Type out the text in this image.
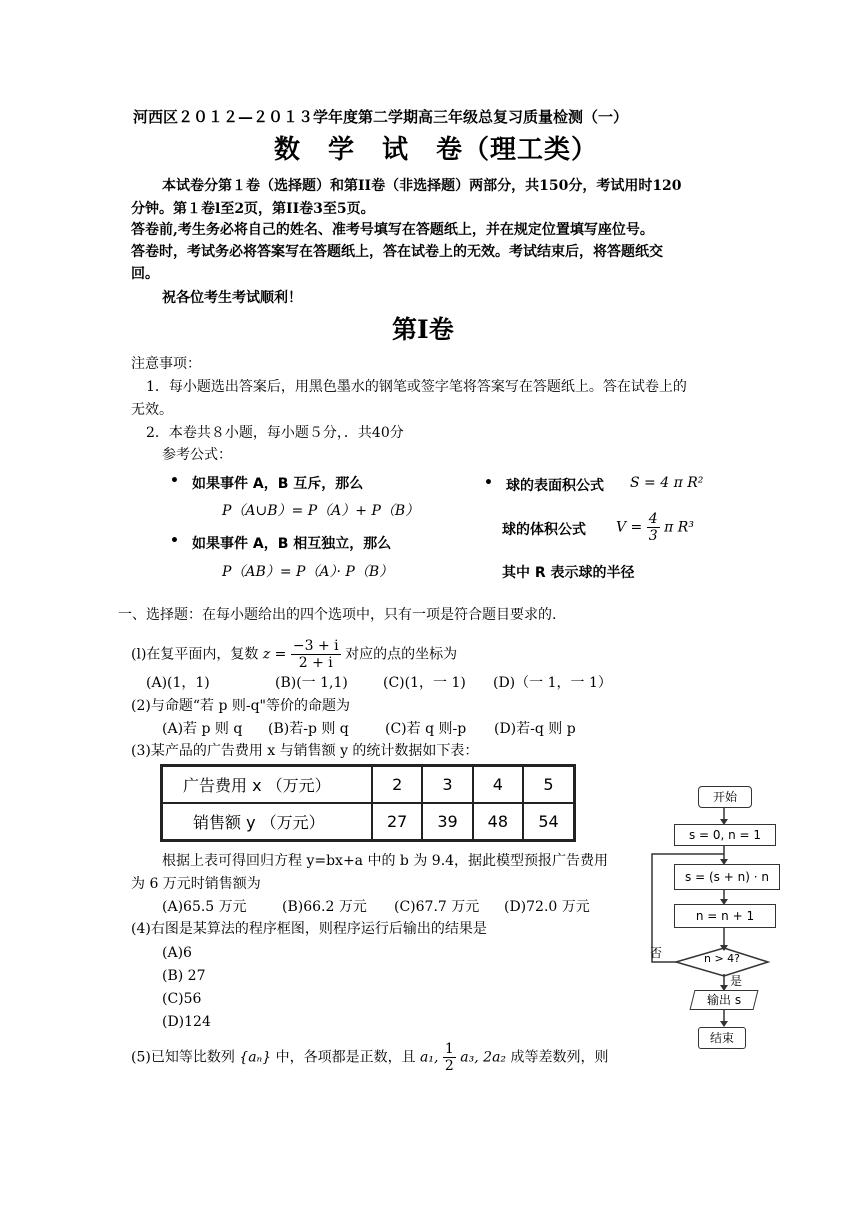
河西区２０１２—２０１３学年度第二学期高三年级总复习质量检测（一）
数　学　试　卷（理工类）
本试卷分第１卷（选择题）和第II卷（非选择题）两部分，共150分，考试用时120
分钟。第１卷l至2页，第II卷3至5页。
答卷前,考生务必将自己的姓名、准考号填写在答题纸上，并在规定位置填写座位号。
答卷时，考试务必将答案写在答题纸上，答在试卷上的无效。考试结束后，将答题纸交
回。
祝各位考生考试顺利！
第Ⅰ卷
注意事项：
1．每小题选出答案后，用黑色墨水的钢笔或签字笔将答案写在答题纸上。答在试卷上的
无效。
2．本卷共８小题，每小题５分，．共40分
参考公式：
• 如果事件 A，B 互斥，那么
P（A∪B）= P（A）+ P（B）
• 如果事件 A，B 相互独立，那么
P（AB）= P（A）· P（B）
• 球的表面积公式 S = 4 π R²
球的体积公式 $V = \frac{4}{3}$ π R³
其中 R 表示球的半径
一、选择题：在每小题给出的四个选项中，只有一项是符合题目要求的.
(l)在复平面内，复数 $z = \frac{-3 + i}{2 + i}$ 对应的点的坐标为
(A)(1，1)	(B)(一 1,1)	(C)(1，一 1) (D)（一 1，一 1）
(2)与命题“若 p 则-q"等价的命题为
(A)若 p 则 q (B)若-p 则 q	(C)若 q 则-p (D)若-q 则 p
(3)某产品的广告费用 x 与销售额 y 的统计数据如下表：
广告费用 x （万元）	2	3	4	5
销售额 y （万元）	27	39	48	54
根据上表可得回归方程 y=bx+a 中的 b 为 9.4，据此模型预报广告费用
为 6 万元时销售额为
(A)65.5 万元	(B)66.2 万元 (C)67.7 万元 (D)72.0 万元
(4)右图是某算法的程序框图，则程序运行后输出的结果是
(A)6
(B) 27
(C)56
(D)124
开始
s = 0, n = 1
s = (s + n) · n
n = n + 1
n > 4?
否
是
输出 s
结束
(5)已知等比数列 {aₙ} 中，各项都是正数，且 a₁, $\frac{1}{2} a_3$, 2a₂ 成等差数列，则
